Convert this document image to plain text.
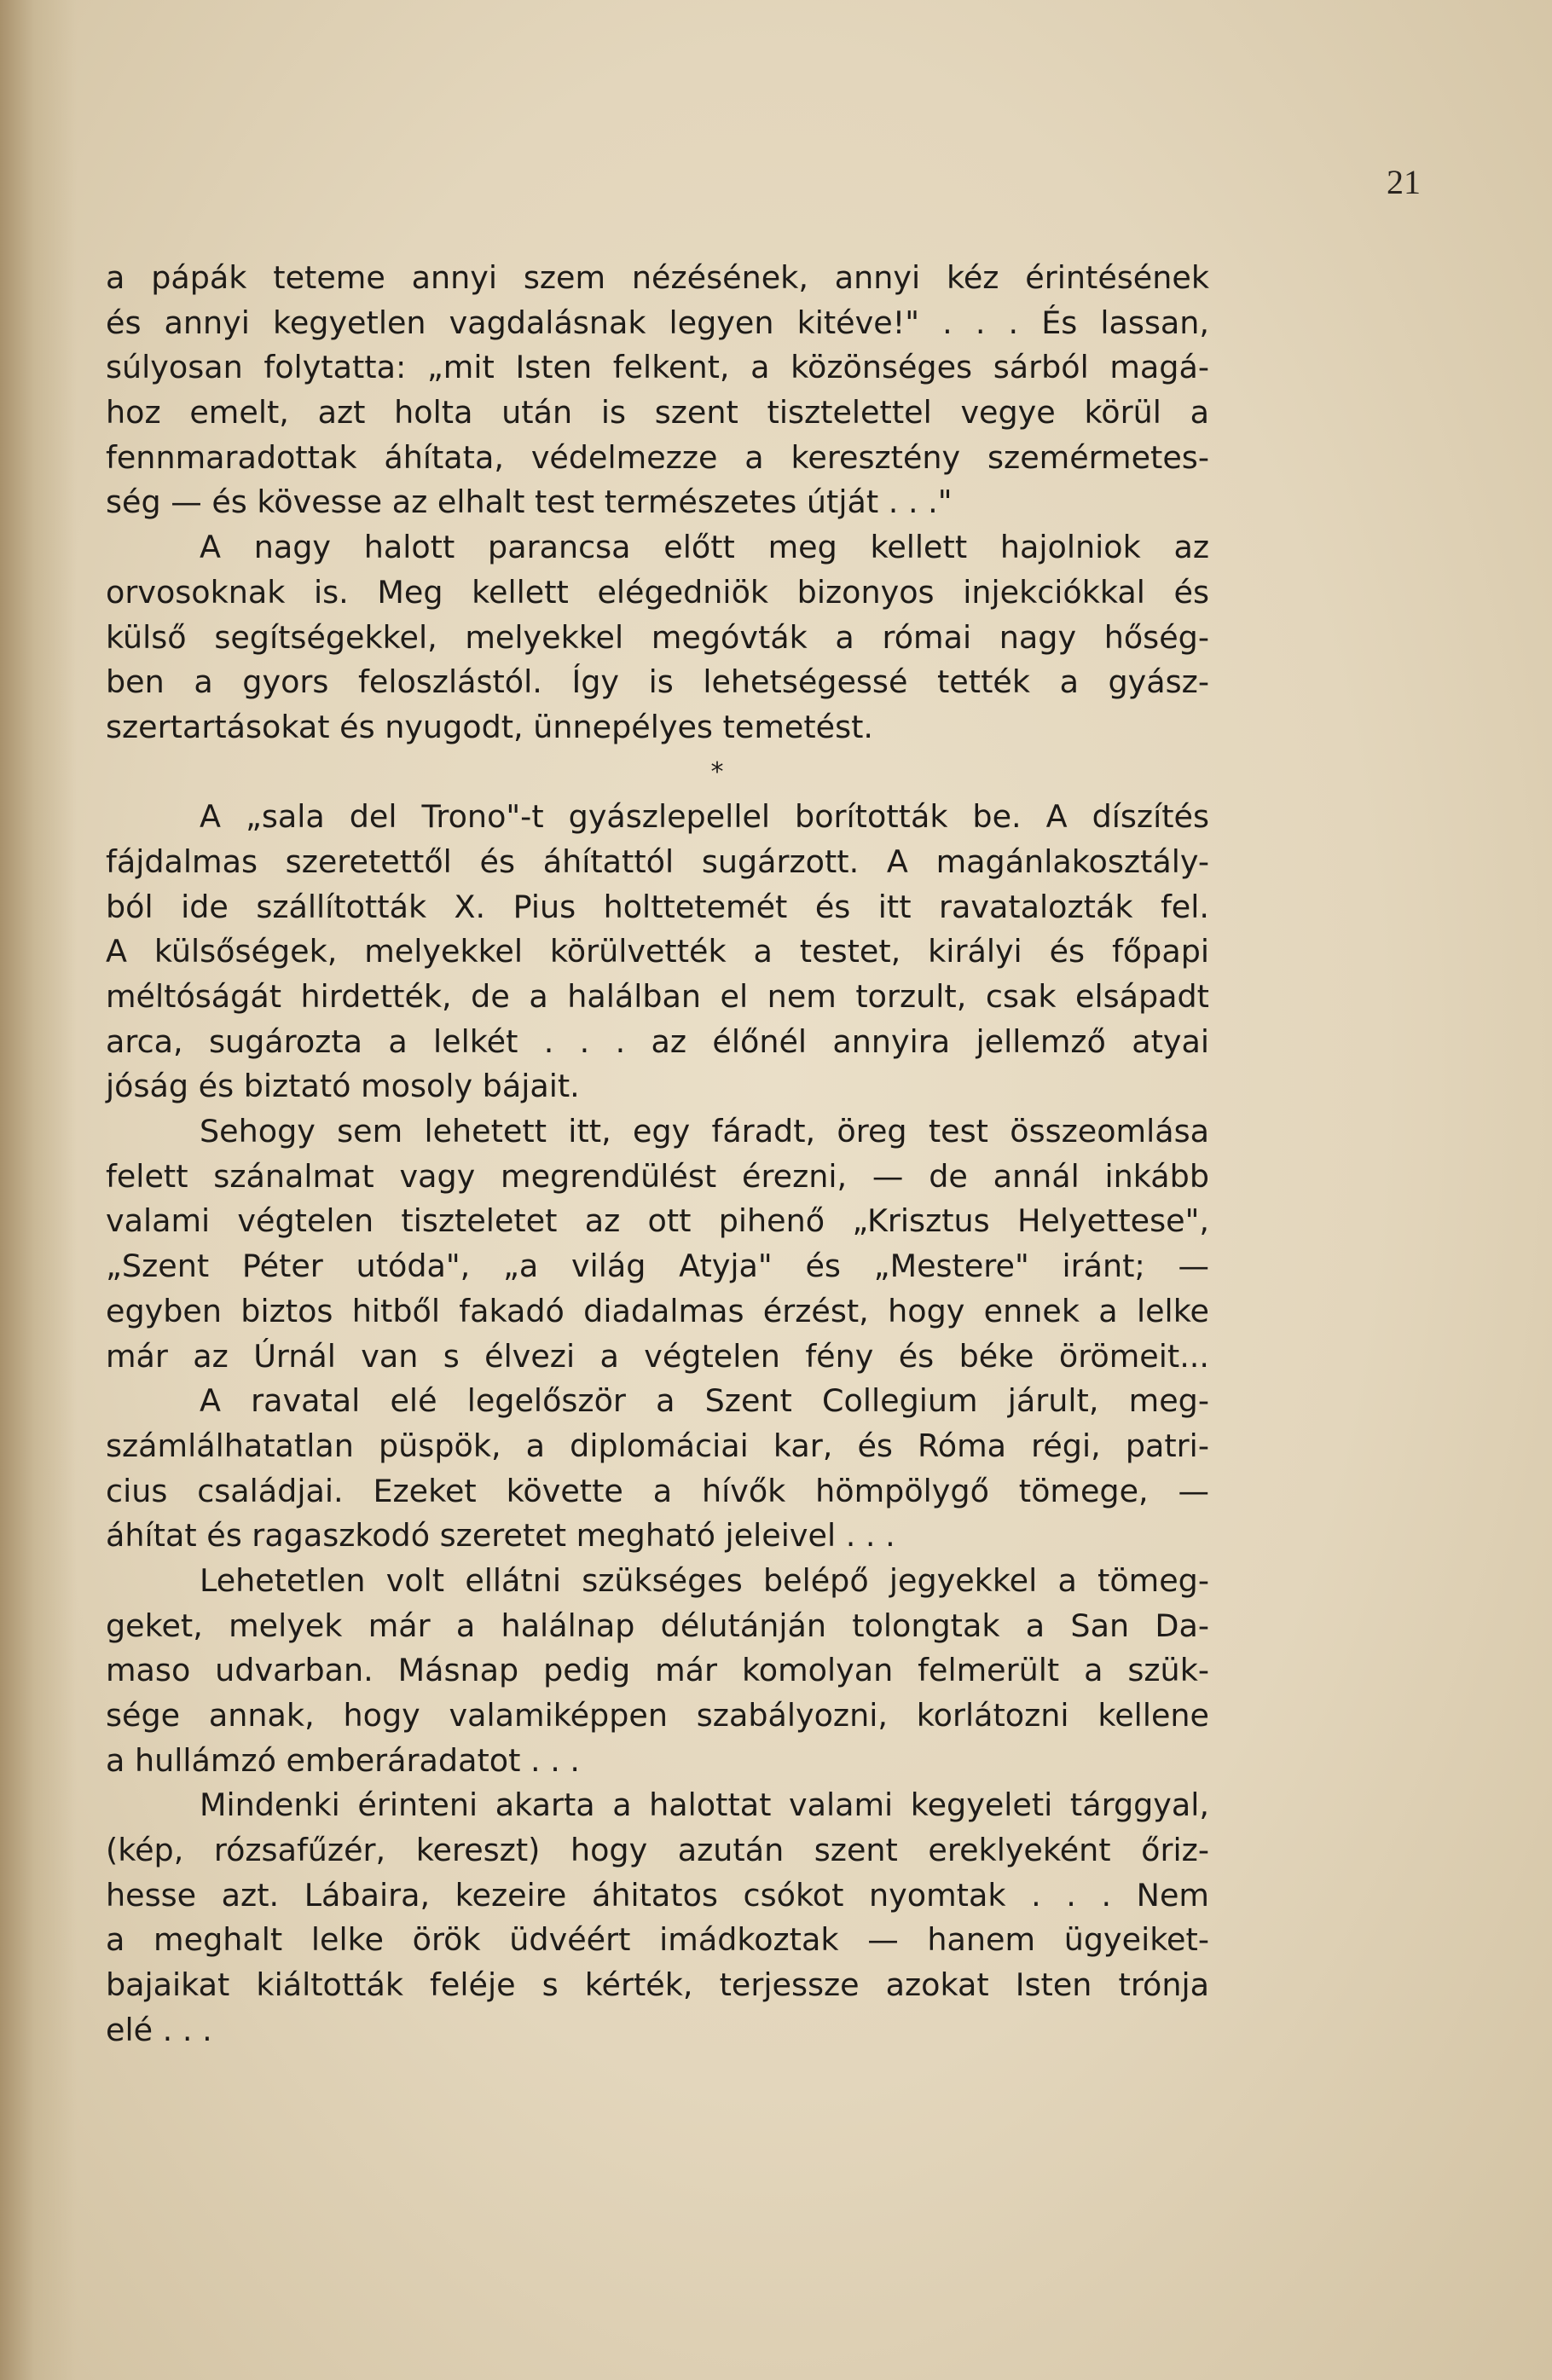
21
a pápák teteme annyi szem nézésének, annyi kéz érintésének
és annyi kegyetlen vagdalásnak legyen kitéve!" . . . És lassan,
súlyosan folytatta: „mit Isten felkent, a közönséges sárból magá-
hoz emelt, azt holta után is szent tisztelettel vegye körül a
fennmaradottak áhítata, védelmezze a keresztény szemérmetes-
ség — és kövesse az elhalt test természetes útját . . ."
A nagy halott parancsa előtt meg kellett hajolniok az
orvosoknak is. Meg kellett elégedniök bizonyos injekciókkal és
külső segítségekkel, melyekkel megóvták a római nagy hőség-
ben a gyors feloszlástól. Így is lehetségessé tették a gyász-
szertartásokat és nyugodt, ünnepélyes temetést.
*
A „sala del Trono"-t gyászlepellel borították be. A díszítés
fájdalmas szeretettől és áhítattól sugárzott. A magánlakosztály-
ból ide szállították X. Pius holttetemét és itt ravatalozták fel.
A külsőségek, melyekkel körülvették a testet, királyi és főpapi
méltóságát hirdették, de a halálban el nem torzult, csak elsápadt
arca, sugározta a lelkét . . . az élőnél annyira jellemző atyai
jóság és biztató mosoly bájait.
Sehogy sem lehetett itt, egy fáradt, öreg test összeomlása
felett szánalmat vagy megrendülést érezni, — de annál inkább
valami végtelen tiszteletet az ott pihenő „Krisztus Helyettese",
„Szent Péter utóda", „a világ Atyja" és „Mestere" iránt; —
egyben biztos hitből fakadó diadalmas érzést, hogy ennek a lelke
már az Úrnál van s élvezi a végtelen fény és béke örömeit...
A ravatal elé legelőször a Szent Collegium járult, meg-
számlálhatatlan püspök, a diplomáciai kar, és Róma régi, patri-
cius családjai. Ezeket követte a hívők hömpölygő tömege, —
áhítat és ragaszkodó szeretet megható jeleivel . . .
Lehetetlen volt ellátni szükséges belépő jegyekkel a tömeg-
geket, melyek már a halálnap délutánján tolongtak a San Da-
maso udvarban. Másnap pedig már komolyan felmerült a szük-
sége annak, hogy valamiképpen szabályozni, korlátozni kellene
a hullámzó emberáradatot . . .
Mindenki érinteni akarta a halottat valami kegyeleti tárggyal,
(kép, rózsafűzér, kereszt) hogy azután szent ereklyeként őriz-
hesse azt. Lábaira, kezeire áhitatos csókot nyomtak . . . Nem
a meghalt lelke örök üdvéért imádkoztak — hanem ügyeiket-
bajaikat kiáltották feléje s kérték, terjessze azokat Isten trónja
elé . . .
